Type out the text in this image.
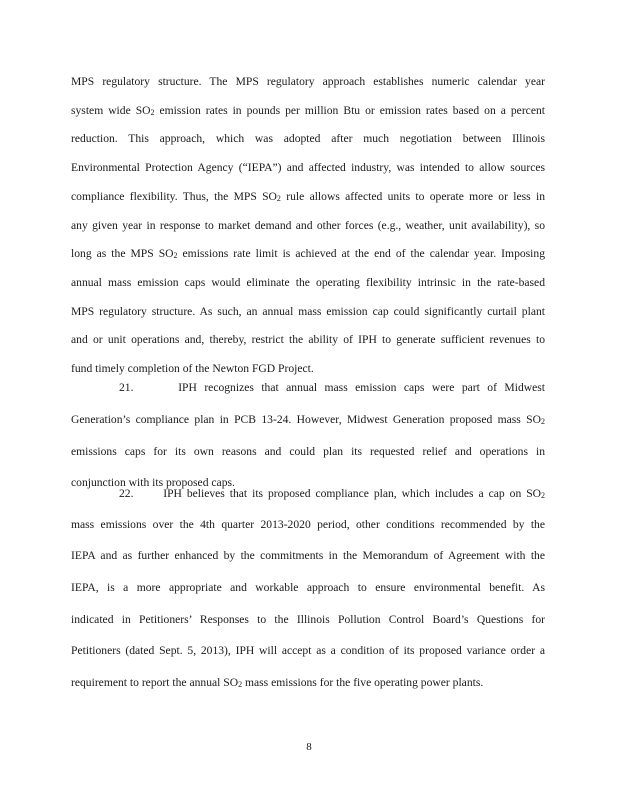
MPS regulatory structure. The MPS regulatory approach establishes numeric calendar year
system wide $SO_2$ emission rates in pounds per million Btu or emission rates based on a percent
reduction. This approach, which was adopted after much negotiation between Illinois
Environmental Protection Agency (“IEPA”) and affected industry, was intended to allow sources
compliance flexibility. Thus, the MPS $SO_2$ rule allows affected units to operate more or less in
any given year in response to market demand and other forces (e.g., weather, unit availability), so
long as the MPS $SO_2$ emissions rate limit is achieved at the end of the calendar year. Imposing
annual mass emission caps would eliminate the operating flexibility intrinsic in the rate-based
MPS regulatory structure. As such, an annual mass emission cap could significantly curtail plant
and or unit operations and, thereby, restrict the ability of IPH to generate sufficient revenues to
fund timely completion of the Newton FGD Project.
21.	IPH recognizes that annual mass emission caps were part of Midwest
Generation’s compliance plan in PCB 13-24. However, Midwest Generation proposed mass $SO_2$
emissions caps for its own reasons and could plan its requested relief and operations in
conjunction with its proposed caps.
22.	IPH believes that its proposed compliance plan, which includes a cap on $SO_2$
mass emissions over the 4th quarter 2013-2020 period, other conditions recommended by the
IEPA and as further enhanced by the commitments in the Memorandum of Agreement with the
IEPA, is a more appropriate and workable approach to ensure environmental benefit. As
indicated in Petitioners’ Responses to the Illinois Pollution Control Board’s Questions for
Petitioners (dated Sept. 5, 2013), IPH will accept as a condition of its proposed variance order a
requirement to report the annual $SO_2$ mass emissions for the five operating power plants.
8
